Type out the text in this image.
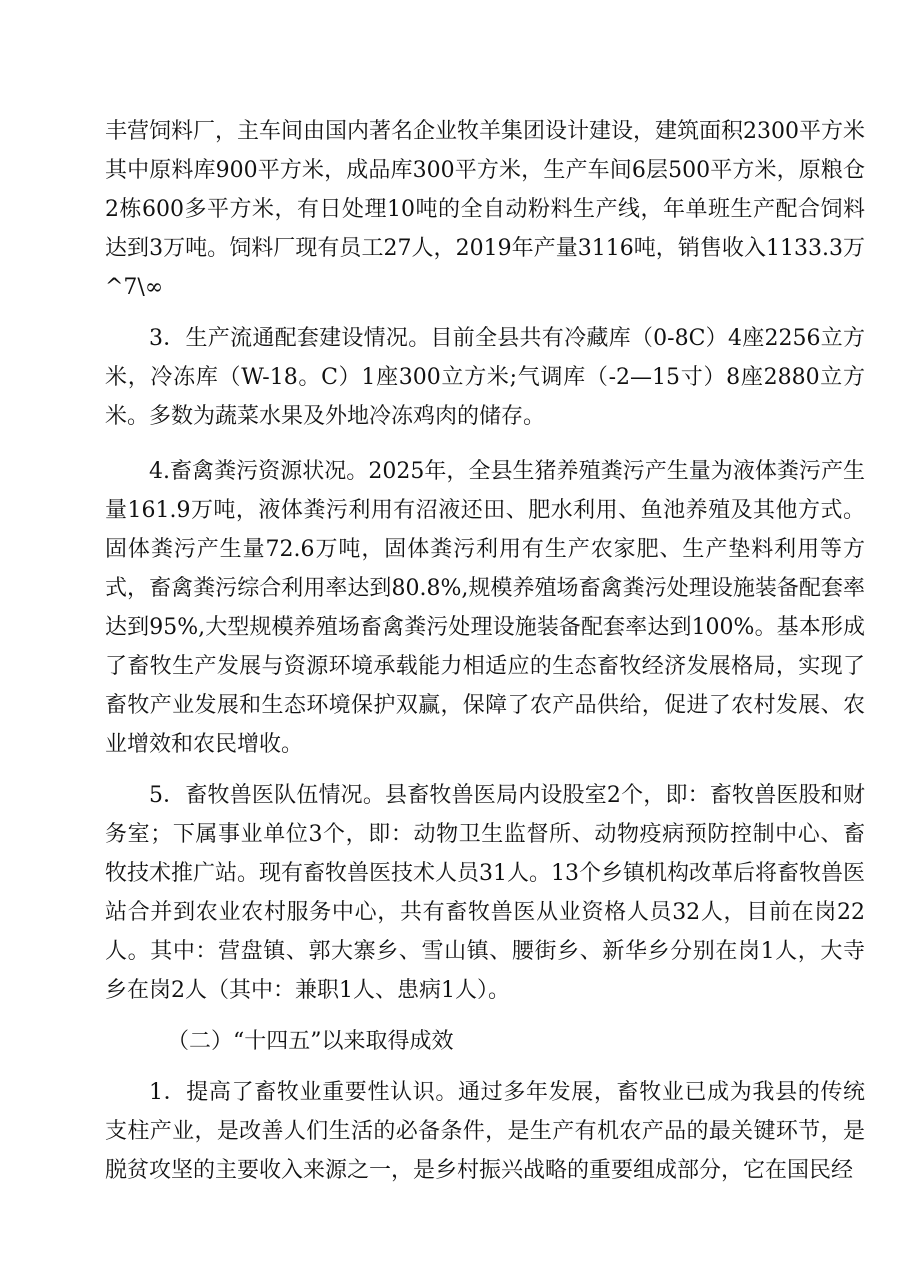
丰营饲料厂，主车间由国内著名企业牧羊集团设计建设，建筑面积2300平方米其中原料库900平方米，成品库300平方米，生产车间6层500平方米，原粮仓2栋600多平方米，有日处理10吨的全自动粉料生产线，年单班生产配合饲料达到3万吨。饲料厂现有员工27人，2019年产量3116吨，销售收入1133.3万^7\∞

3．生产流通配套建设情况。目前全县共有冷藏库（0-8C）4座2256立方米，冷冻库（W-18。C）1座300立方米;气调库（-2—15寸）8座2880立方米。多数为蔬菜水果及外地冷冻鸡肉的储存。

4.畜禽粪污资源状况。2025年，全县生猪养殖粪污产生量为液体粪污产生量161.9万吨，液体粪污利用有沼液还田、肥水利用、鱼池养殖及其他方式。固体粪污产生量72.6万吨，固体粪污利用有生产农家肥、生产垫料利用等方式，畜禽粪污综合利用率达到80.8%,规模养殖场畜禽粪污处理设施装备配套率达到95%,大型规模养殖场畜禽粪污处理设施装备配套率达到100%。基本形成了畜牧生产发展与资源环境承载能力相适应的生态畜牧经济发展格局，实现了畜牧产业发展和生态环境保护双赢，保障了农产品供给，促进了农村发展、农业增效和农民增收。

5．畜牧兽医队伍情况。县畜牧兽医局内设股室2个，即：畜牧兽医股和财务室；下属事业单位3个，即：动物卫生监督所、动物疫病预防控制中心、畜牧技术推广站。现有畜牧兽医技术人员31人。13个乡镇机构改革后将畜牧兽医站合并到农业农村服务中心，共有畜牧兽医从业资格人员32人，目前在岗22人。其中：营盘镇、郭大寨乡、雪山镇、腰街乡、新华乡分别在岗1人，大寺乡在岗2人（其中：兼职1人、患病1人）。

（二）“十四五”以来取得成效

1．提高了畜牧业重要性认识。通过多年发展，畜牧业已成为我县的传统支柱产业，是改善人们生活的必备条件，是生产有机农产品的最关键环节，是脱贫攻坚的主要收入来源之一，是乡村振兴战略的重要组成部分，它在国民经
